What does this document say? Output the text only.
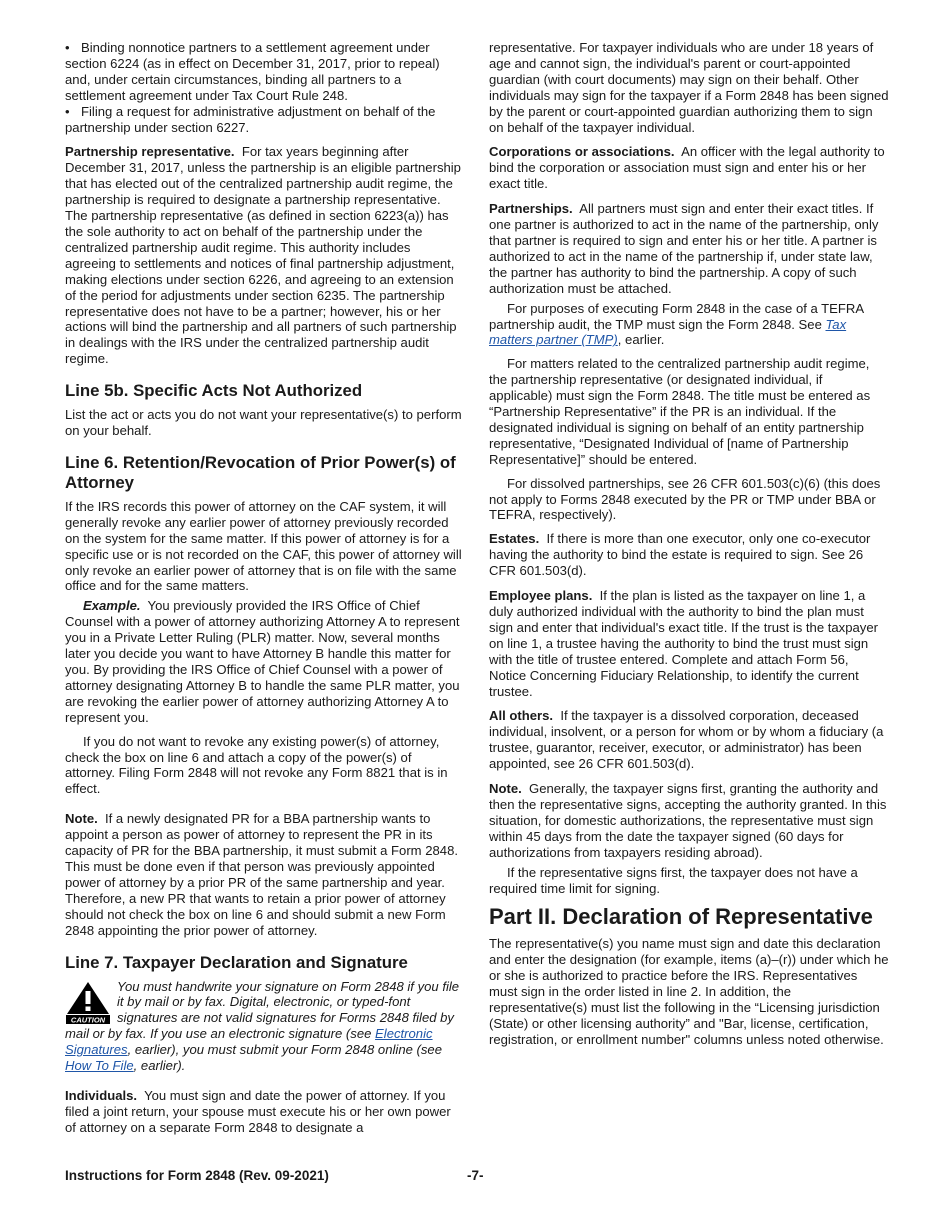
• Binding nonnotice partners to a settlement agreement under section 6224 (as in effect on December 31, 2017, prior to repeal) and, under certain circumstances, binding all partners to a settlement agreement under Tax Court Rule 248.

• Filing a request for administrative adjustment on behalf of the partnership under section 6227.

Partnership representative. For tax years beginning after December 31, 2017, unless the partnership is an eligible partnership that has elected out of the centralized partnership audit regime, the partnership is required to designate a partnership representative. The partnership representative (as defined in section 6223(a)) has the sole authority to act on behalf of the partnership under the centralized partnership audit regime. This authority includes agreeing to settlements and notices of final partnership adjustment, making elections under section 6226, and agreeing to an extension of the period for adjustments under section 6235. The partnership representative does not have to be a partner; however, his or her actions will bind the partnership and all partners of such partnership in dealings with the IRS under the centralized partnership audit regime.

Line 5b. Specific Acts Not Authorized

List the act or acts you do not want your representative(s) to perform on your behalf.

Line 6. Retention/Revocation of Prior Power(s) of Attorney

If the IRS records this power of attorney on the CAF system, it will generally revoke any earlier power of attorney previously recorded on the system for the same matter. If this power of attorney is for a specific use or is not recorded on the CAF, this power of attorney will only revoke an earlier power of attorney that is on file with the same office and for the same matters.

Example. You previously provided the IRS Office of Chief Counsel with a power of attorney authorizing Attorney A to represent you in a Private Letter Ruling (PLR) matter. Now, several months later you decide you want to have Attorney B handle this matter for you. By providing the IRS Office of Chief Counsel with a power of attorney designating Attorney B to handle the same PLR matter, you are revoking the earlier power of attorney authorizing Attorney A to represent you.

If you do not want to revoke any existing power(s) of attorney, check the box on line 6 and attach a copy of the power(s) of attorney. Filing Form 2848 will not revoke any Form 8821 that is in effect.

Note. If a newly designated PR for a BBA partnership wants to appoint a person as power of attorney to represent the PR in its capacity of PR for the BBA partnership, it must submit a Form 2848. This must be done even if that person was previously appointed power of attorney by a prior PR of the same partnership and year. Therefore, a new PR that wants to retain a prior power of attorney should not check the box on line 6 and should submit a new Form 2848 appointing the prior power of attorney.

Line 7. Taxpayer Declaration and Signature
CAUTION
You must handwrite your signature on Form 2848 if you file it by mail or by fax. Digital, electronic, or typed-font signatures are not valid signatures for Forms 2848 filed by mail or by fax. If you use an electronic signature (see Electronic Signatures, earlier), you must submit your Form 2848 online (see How To File, earlier).

Individuals. You must sign and date the power of attorney. If you filed a joint return, your spouse must execute his or her own power of attorney on a separate Form 2848 to designate a

representative. For taxpayer individuals who are under 18 years of age and cannot sign, the individual's parent or court-appointed guardian (with court documents) may sign on their behalf. Other individuals may sign for the taxpayer if a Form 2848 has been signed by the parent or court-appointed guardian authorizing them to sign on behalf of the taxpayer individual.

Corporations or associations. An officer with the legal authority to bind the corporation or association must sign and enter his or her exact title.

Partnerships. All partners must sign and enter their exact titles. If one partner is authorized to act in the name of the partnership, only that partner is required to sign and enter his or her title. A partner is authorized to act in the name of the partnership if, under state law, the partner has authority to bind the partnership. A copy of such authorization must be attached.

For purposes of executing Form 2848 in the case of a TEFRA partnership audit, the TMP must sign the Form 2848. See Tax matters partner (TMP), earlier.

For matters related to the centralized partnership audit regime, the partnership representative (or designated individual, if applicable) must sign the Form 2848. The title must be entered as “Partnership Representative” if the PR is an individual. If the designated individual is signing on behalf of an entity partnership representative, “Designated Individual of [name of Partnership Representative]” should be entered.

For dissolved partnerships, see 26 CFR 601.503(c)(6) (this does not apply to Forms 2848 executed by the PR or TMP under BBA or TEFRA, respectively).

Estates. If there is more than one executor, only one co-executor having the authority to bind the estate is required to sign. See 26 CFR 601.503(d).

Employee plans. If the plan is listed as the taxpayer on line 1, a duly authorized individual with the authority to bind the plan must sign and enter that individual's exact title. If the trust is the taxpayer on line 1, a trustee having the authority to bind the trust must sign with the title of trustee entered. Complete and attach Form 56, Notice Concerning Fiduciary Relationship, to identify the current trustee.

All others. If the taxpayer is a dissolved corporation, deceased individual, insolvent, or a person for whom or by whom a fiduciary (a trustee, guarantor, receiver, executor, or administrator) has been appointed, see 26 CFR 601.503(d).

Note. Generally, the taxpayer signs first, granting the authority and then the representative signs, accepting the authority granted. In this situation, for domestic authorizations, the representative must sign within 45 days from the date the taxpayer signed (60 days for authorizations from taxpayers residing abroad).

If the representative signs first, the taxpayer does not have a required time limit for signing.

Part II. Declaration of Representative

The representative(s) you name must sign and date this declaration and enter the designation (for example, items (a)–(r)) under which he or she is authorized to practice before the IRS. Representatives must sign in the order listed in line 2. In addition, the representative(s) must list the following in the “Licensing jurisdiction (State) or other licensing authority” and "Bar, license, certification, registration, or enrollment number" columns unless noted otherwise.

Instructions for Form 2848 (Rev. 09-2021)	-7-
